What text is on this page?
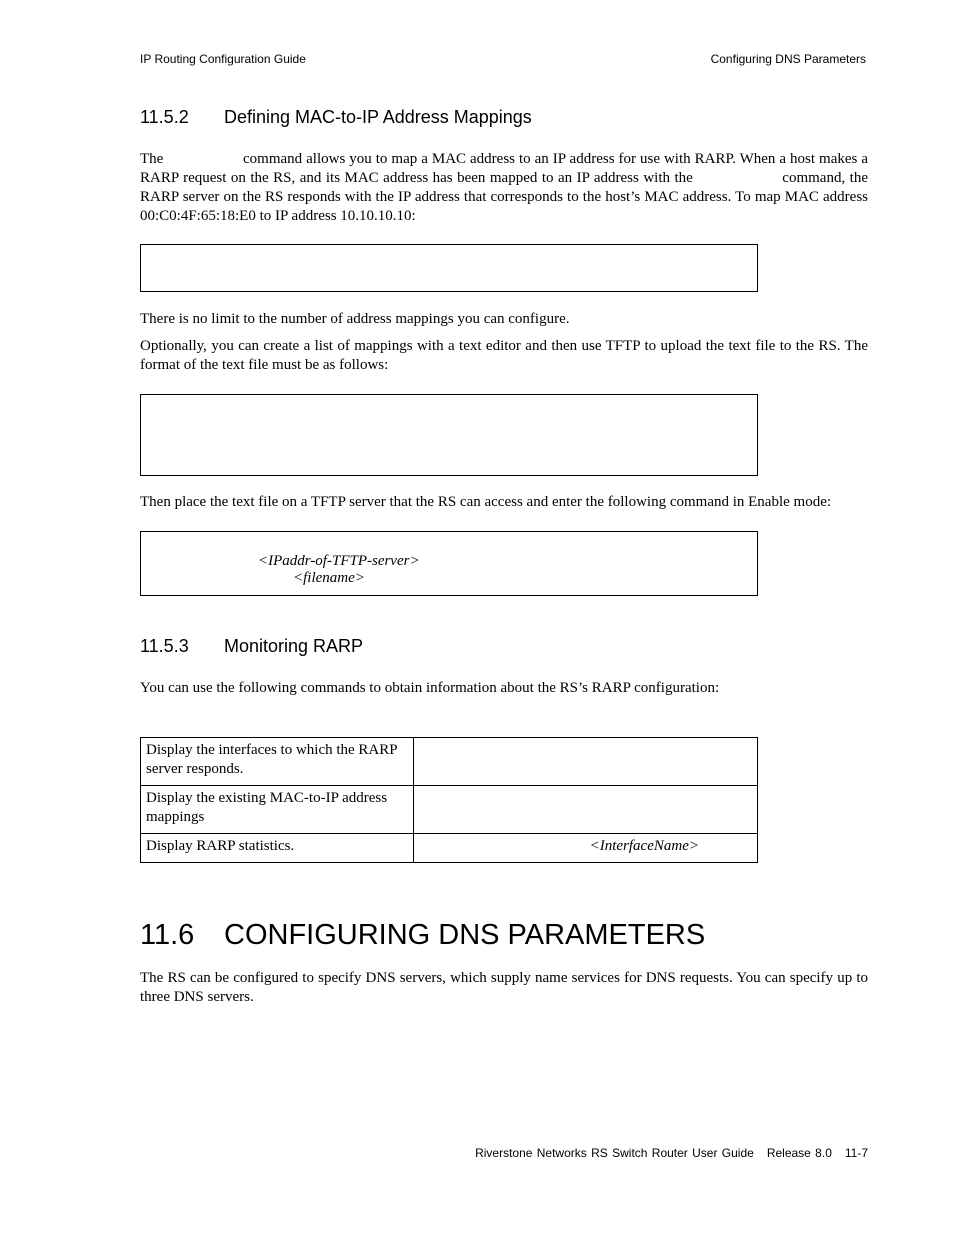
IP Routing Configuration Guide	Configuring DNS Parameters
11.5.2 Defining MAC-to-IP Address Mappings
The                    command allows you to map a MAC address to an IP address for use with RARP. When a host makes a RARP request on the RS, and its MAC address has been mapped to an IP address with the                    command, the RARP server on the RS responds with the IP address that corresponds to the host’s MAC address. To map MAC address 00:C0:4F:65:18:E0 to IP address 10.10.10.10:
There is no limit to the number of address mappings you can configure.
Optionally, you can create a list of mappings with a text editor and then use TFTP to upload the text file to the RS. The format of the text file must be as follows:
Then place the text file on a TFTP server that the RS can access and enter the following command in Enable mode:
<IPaddr-of-TFTP-server>
<filename>
11.5.3 Monitoring RARP
You can use the following commands to obtain information about the RS’s RARP configuration:
Display the interfaces to which the RARP server responds.	
Display the existing MAC-to-IP address mappings	
Display RARP statistics.	<InterfaceName>
11.6 CONFIGURING DNS PARAMETERS
The RS can be configured to specify DNS servers, which supply name services for DNS requests. You can specify up to three DNS servers.
Riverstone Networks RS Switch Router User Guide   Release 8.0   11-7
